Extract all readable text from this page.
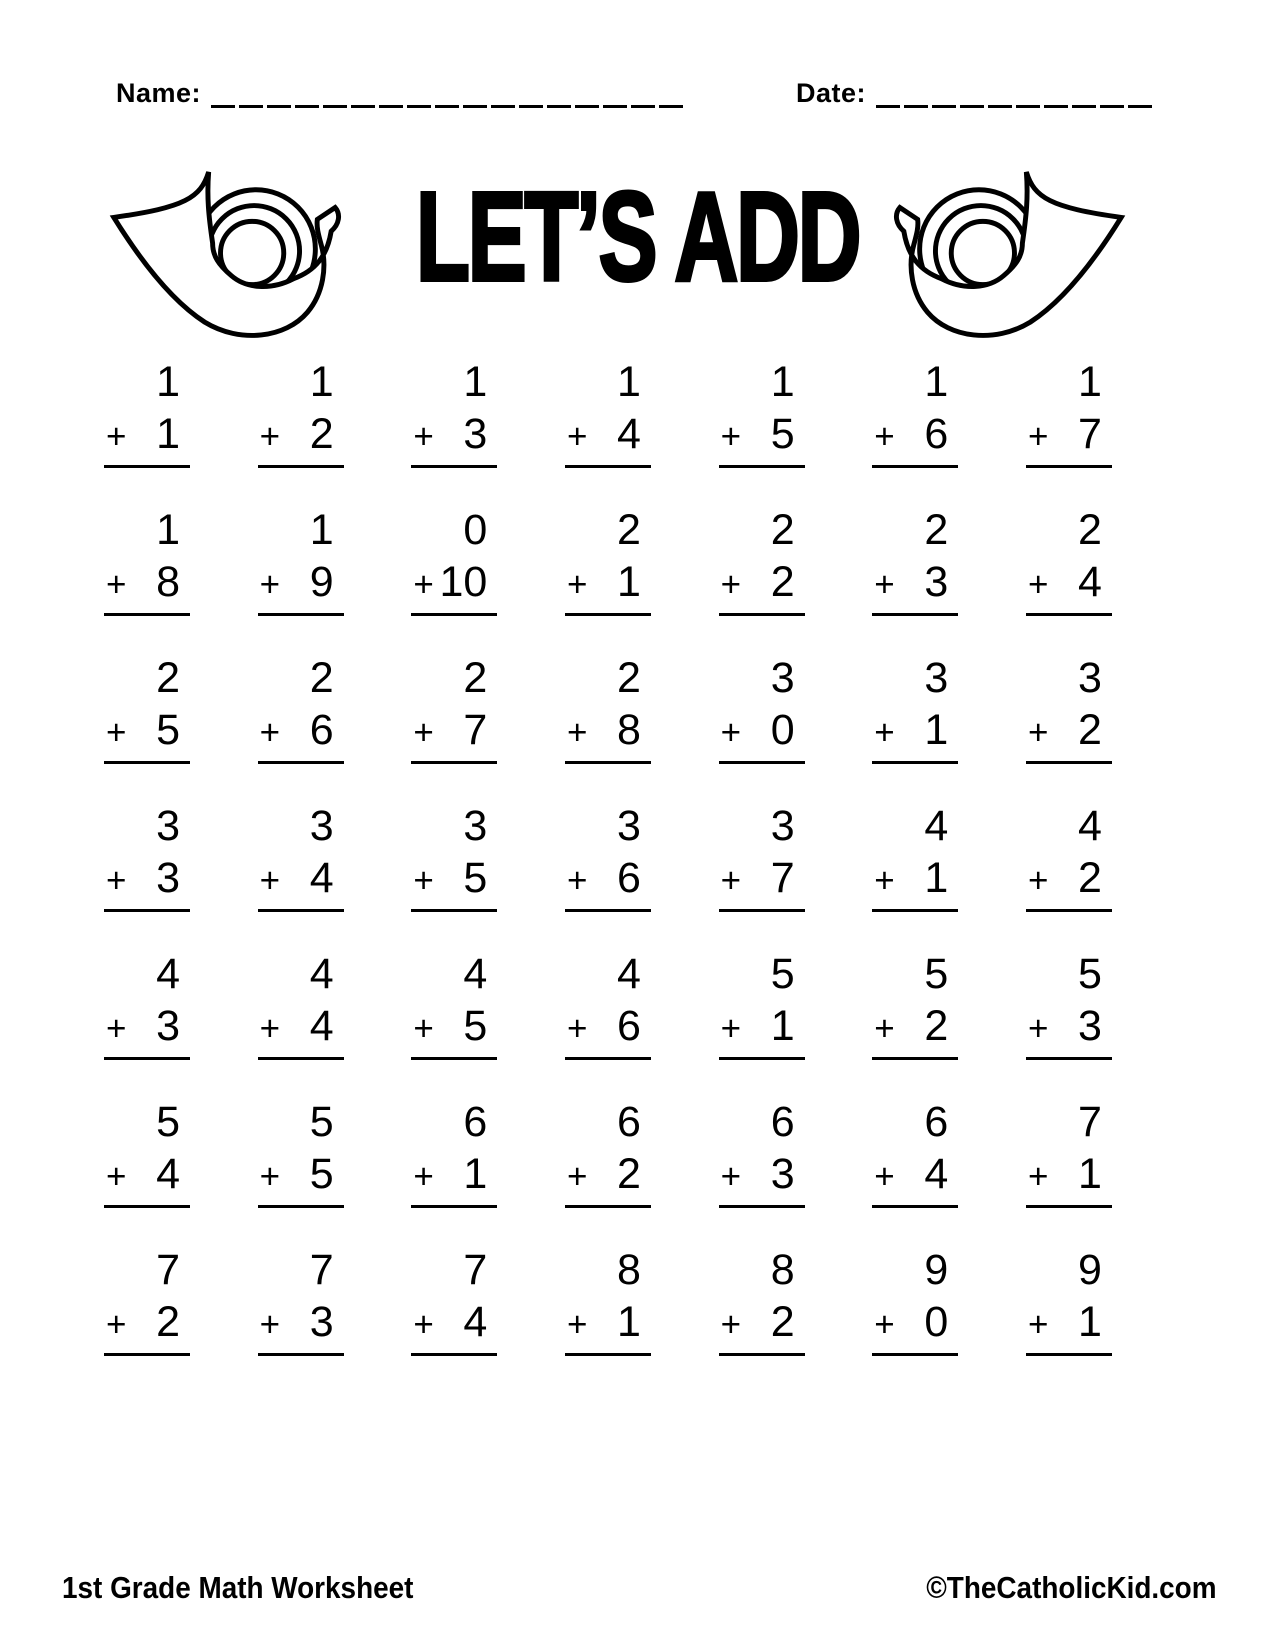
Name:	Date:
LET’S ADD
1
+ 1
1
+ 2
1
+ 3
1
+ 4
1
+ 5
1
+ 6
1
+ 7
1
+ 8
1
+ 9
0
+ 10
2
+ 1
2
+ 2
2
+ 3
2
+ 4
2
+ 5
2
+ 6
2
+ 7
2
+ 8
3
+ 0
3
+ 1
3
+ 2
3
+ 3
3
+ 4
3
+ 5
3
+ 6
3
+ 7
4
+ 1
4
+ 2
4
+ 3
4
+ 4
4
+ 5
4
+ 6
5
+ 1
5
+ 2
5
+ 3
5
+ 4
5
+ 5
6
+ 1
6
+ 2
6
+ 3
6
+ 4
7
+ 1
7
+ 2
7
+ 3
7
+ 4
8
+ 1
8
+ 2
9
+ 0
9
+ 1
1st Grade Math Worksheet	©TheCatholicKid.com
